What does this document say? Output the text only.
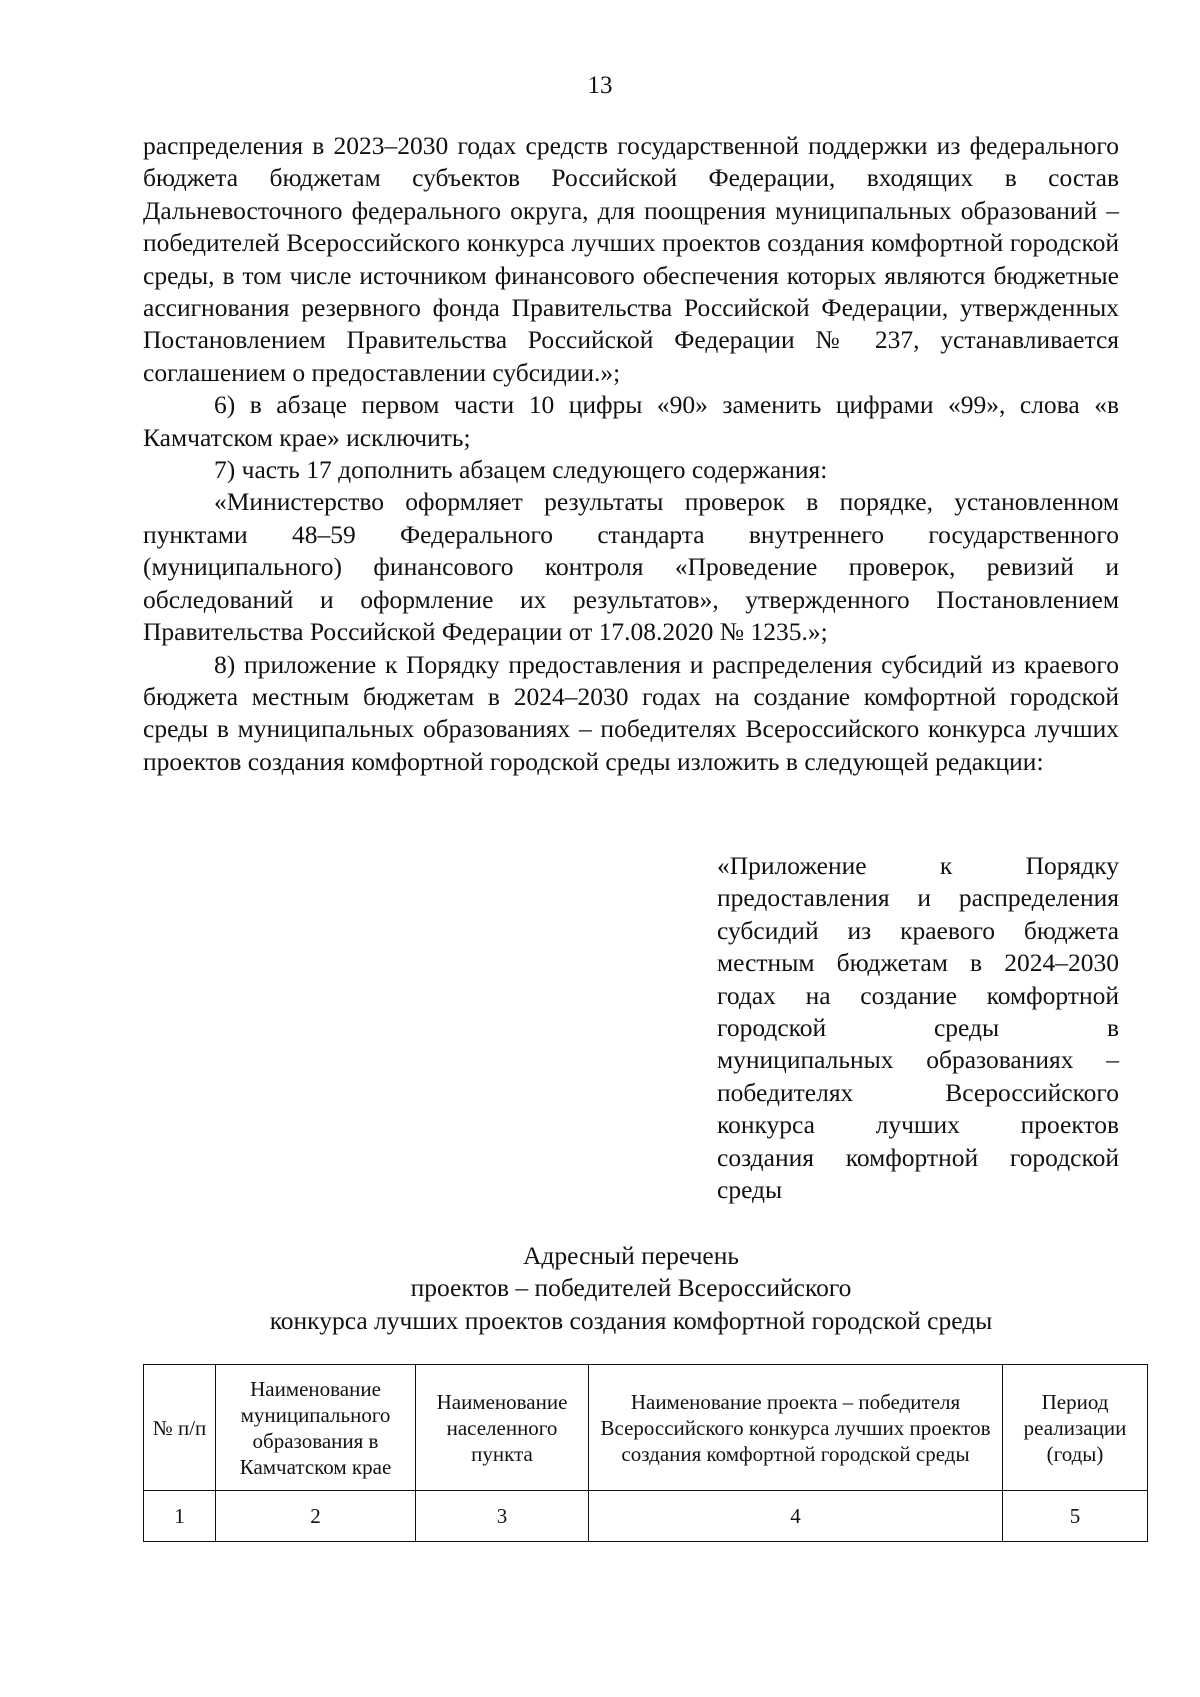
13

распределения в 2023–2030 годах средств государственной поддержки из федерального бюджета бюджетам субъектов Российской Федерации, входящих в состав Дальневосточного федерального округа, для поощрения муниципальных образований – победителей Всероссийского конкурса лучших проектов создания комфортной городской среды, в том числе источником финансового обеспечения которых являются бюджетные ассигнования резервного фонда Правительства Российской Федерации, утвержденных Постановлением Правительства Российской Федерации № 237, устанавливается соглашением о предоставлении субсидии.»;

6) в абзаце первом части 10 цифры «90» заменить цифрами «99», слова «в Камчатском крае» исключить;

7) часть 17 дополнить абзацем следующего содержания:

«Министерство оформляет результаты проверок в порядке, установленном пунктами 48–59 Федерального стандарта внутреннего государственного (муниципального) финансового контроля «Проведение проверок, ревизий и обследований и оформление их результатов», утвержденного Постановлением Правительства Российской Федерации от 17.08.2020 № 1235.»;

8) приложение к Порядку предоставления и распределения субсидий из краевого бюджета местным бюджетам в 2024–2030 годах на создание комфортной городской среды в муниципальных образованиях – победителях Всероссийского конкурса лучших проектов создания комфортной городской среды изложить в следующей редакции:

«Приложение к Порядку
предоставления и распределения
субсидий из краевого бюджета
местным бюджетам в 2024–2030
годах на создание комфортной
городской среды в
муниципальных образованиях –
победителях Всероссийского
конкурса лучших проектов
создания комфортной городской
среды
Адресный перечень
проектов – победителей Всероссийского
конкурса лучших проектов создания комфортной городской среды
№ п/п	Наименование муниципального образования в Камчатском крае	Наименование населенного пункта	Наименование проекта – победителя Всероссийского конкурса лучших проектов создания комфортной городской среды	Период реализации (годы)
1	2	3	4	5
